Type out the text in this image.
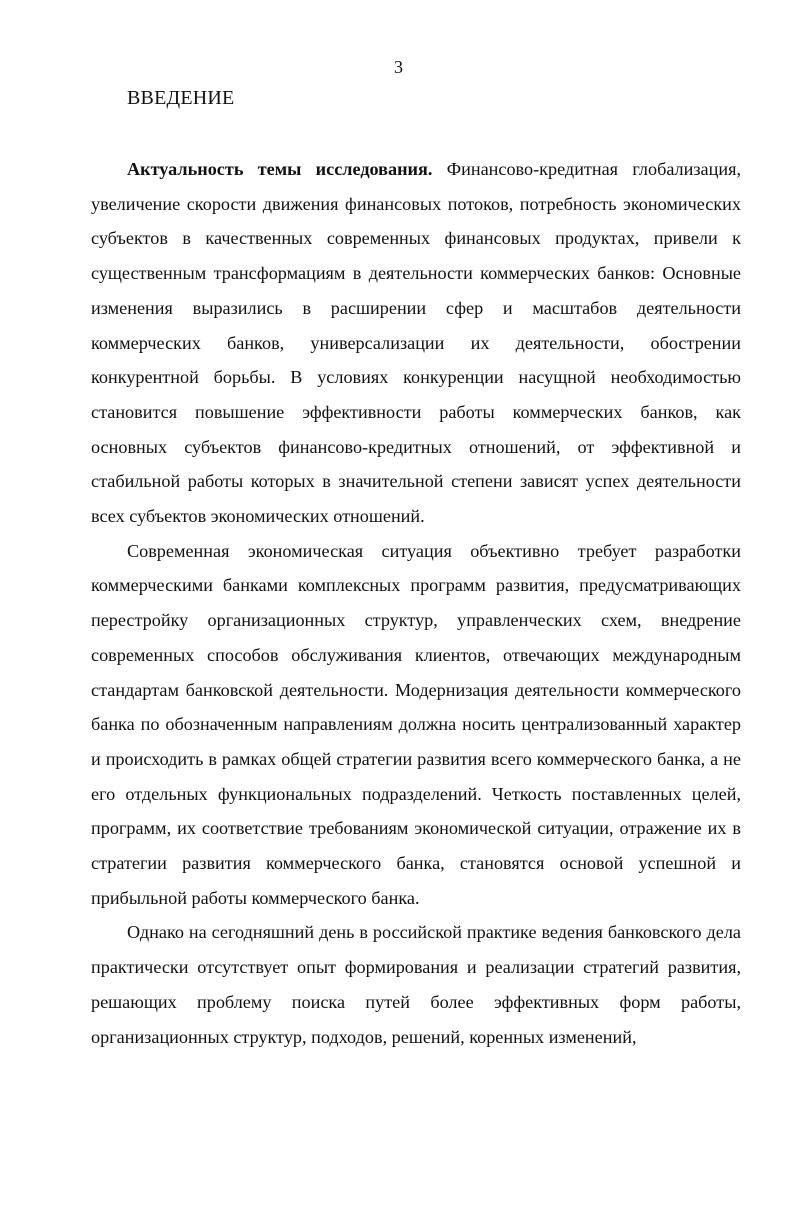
3
ВВЕДЕНИЕ

Актуальность темы исследования. Финансово-кредитная глобализация, увеличение скорости движения финансовых потоков, потребность экономических субъектов в качественных современных финансовых продуктах, привели к существенным трансформациям в деятельности коммерческих банков: Основные изменения выразились в расширении сфер и масштабов деятельности коммерческих банков, универсализации их деятельности, обострении конкурентной борьбы. В условиях конкуренции насущной необходимостью становится повышение эффективности работы коммерческих банков, как основных субъектов финансово-кредитных отношений, от эффективной и стабильной работы которых в значительной степени зависят успех деятельности всех субъектов экономических отношений.

Современная экономическая ситуация объективно требует разработки коммерческими банками комплексных программ развития, предусматривающих перестройку организационных структур, управленческих схем, внедрение современных способов обслуживания клиентов, отвечающих международным стандартам банковской деятельности. Модернизация деятельности коммерческого банка по обозначенным направлениям должна носить централизованный характер и происходить в рамках общей стратегии развития всего коммерческого банка, а не его отдельных функциональных подразделений. Четкость поставленных целей, программ, их соответствие требованиям экономической ситуации, отражение их в стратегии развития коммерческого банка, становятся основой успешной и прибыльной работы коммерческого банка.

Однако на сегодняшний день в российской практике ведения банковского дела практически отсутствует опыт формирования и реализации стратегий развития, решающих проблему поиска путей более эффективных форм работы, организационных структур, подходов, решений, коренных изменений,
